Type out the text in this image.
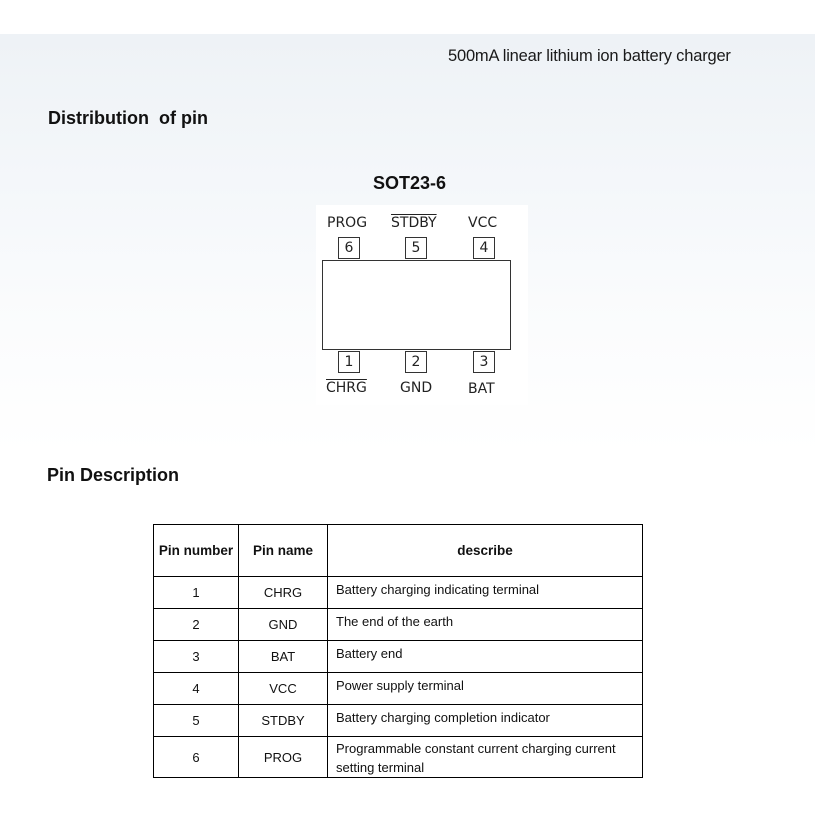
500mA linear lithium ion battery charger
Distribution  of pin
SOT23-6
PROG STDBY VCC
6	5	4
1	2	3
CHRG GND	BAT
Pin Description
Pin number	Pin name	describe
1	CHRG	Battery charging indicating terminal
2	GND	The end of the earth
3	BAT	Battery end
4	VCC	Power supply terminal
5	STDBY	Battery charging completion indicator
6	PROG	Programmable constant current charging current setting terminal
